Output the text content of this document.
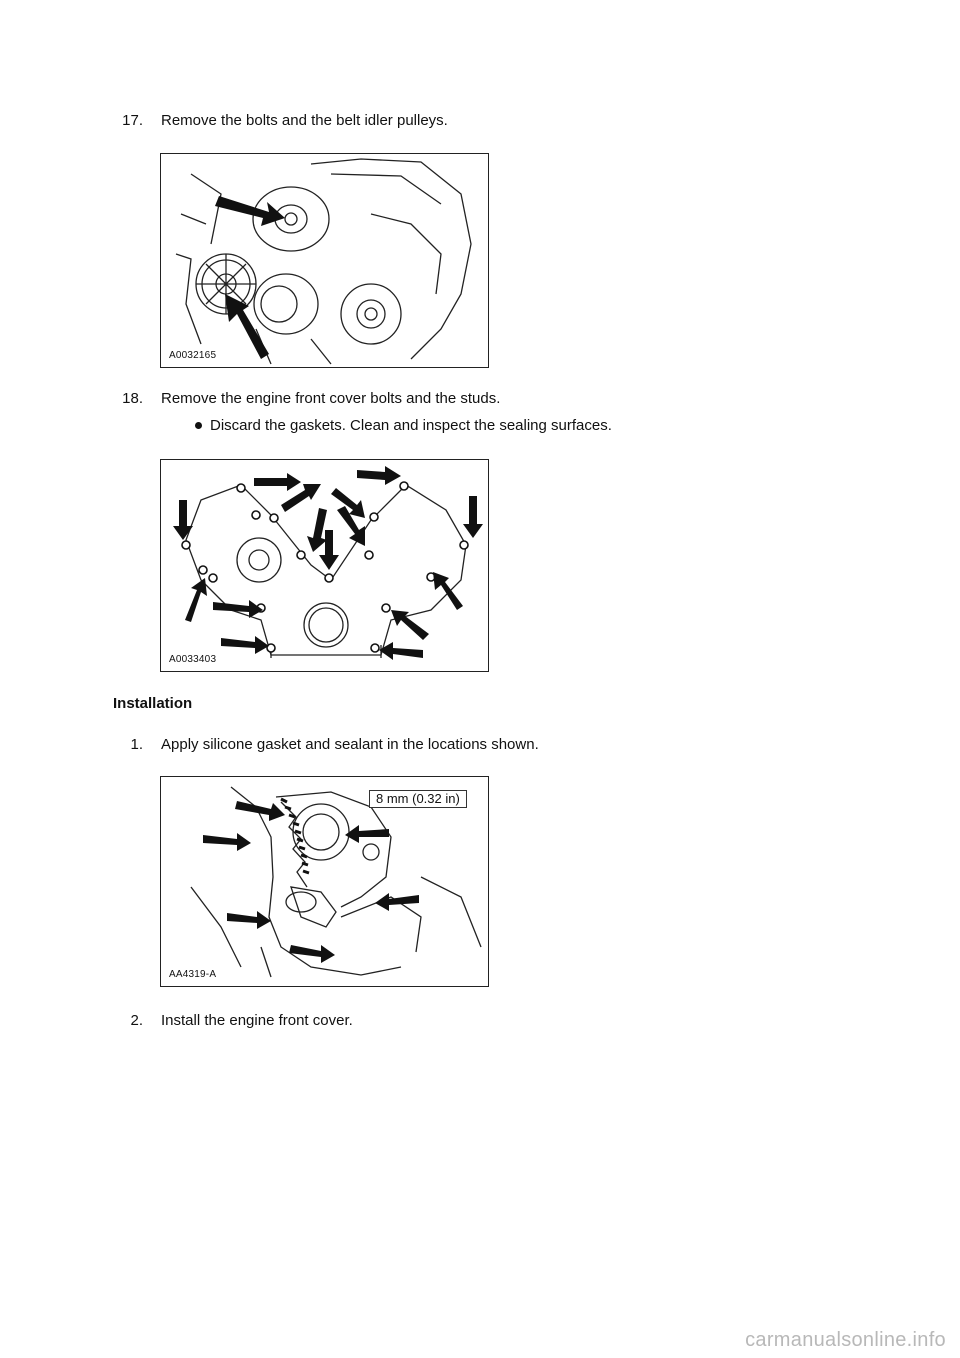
17. Remove the bolts and the belt idler pulleys.
A0032165
18. Remove the engine front cover bolts and the studs.
Discard the gaskets. Clean and inspect the sealing surfaces.
A0033403
Installation
1. Apply silicone gasket and sealant in the locations shown.
8 mm (0.32 in)
AA4319-A
2. Install the engine front cover.
carmanualsonline.info
